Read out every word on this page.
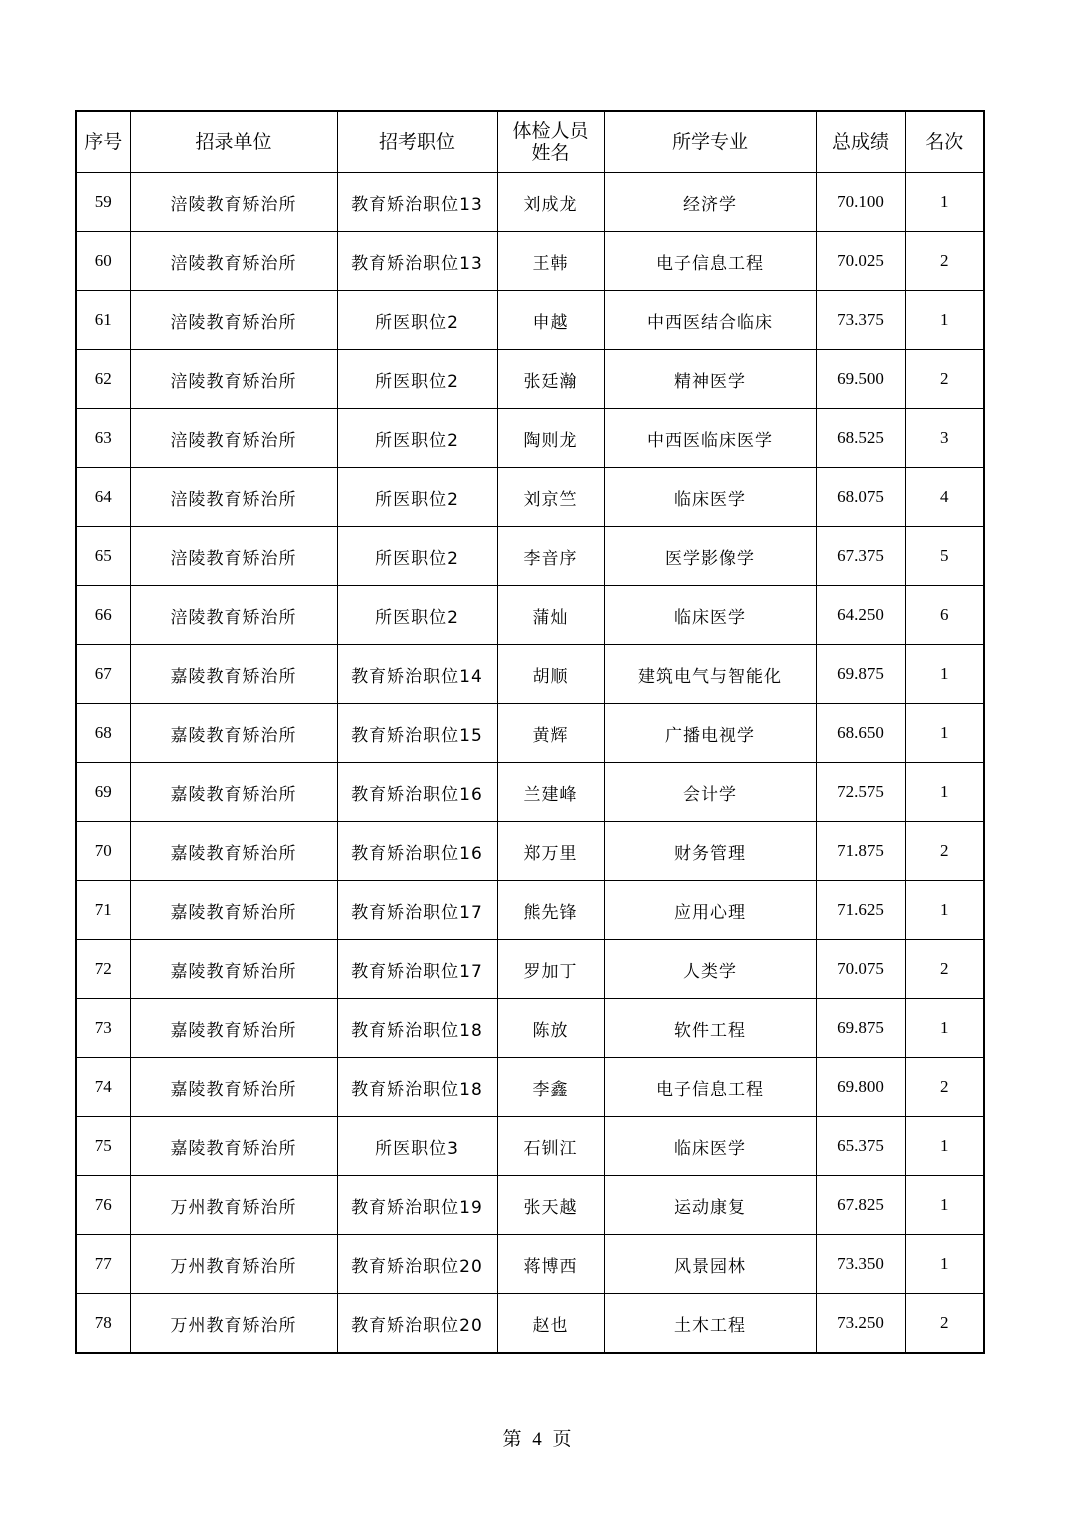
序号	招录单位	招考职位	体检人员姓名	所学专业	总成绩	名次
59	涪陵教育矫治所	教育矫治职位13	刘成龙	经济学	70.100	1
60	涪陵教育矫治所	教育矫治职位13	王韩	电子信息工程	70.025	2
61	涪陵教育矫治所	所医职位2	申越	中西医结合临床	73.375	1
62	涪陵教育矫治所	所医职位2	张廷瀚	精神医学	69.500	2
63	涪陵教育矫治所	所医职位2	陶则龙	中西医临床医学	68.525	3
64	涪陵教育矫治所	所医职位2	刘京竺	临床医学	68.075	4
65	涪陵教育矫治所	所医职位2	李音序	医学影像学	67.375	5
66	涪陵教育矫治所	所医职位2	蒲灿	临床医学	64.250	6
67	嘉陵教育矫治所	教育矫治职位14	胡顺	建筑电气与智能化	69.875	1
68	嘉陵教育矫治所	教育矫治职位15	黄辉	广播电视学	68.650	1
69	嘉陵教育矫治所	教育矫治职位16	兰建峰	会计学	72.575	1
70	嘉陵教育矫治所	教育矫治职位16	郑万里	财务管理	71.875	2
71	嘉陵教育矫治所	教育矫治职位17	熊先锋	应用心理	71.625	1
72	嘉陵教育矫治所	教育矫治职位17	罗加丁	人类学	70.075	2
73	嘉陵教育矫治所	教育矫治职位18	陈放	软件工程	69.875	1
74	嘉陵教育矫治所	教育矫治职位18	李鑫	电子信息工程	69.800	2
75	嘉陵教育矫治所	所医职位3	石钏江	临床医学	65.375	1
76	万州教育矫治所	教育矫治职位19	张天越	运动康复	67.825	1
77	万州教育矫治所	教育矫治职位20	蒋博西	风景园林	73.350	1
78	万州教育矫治所	教育矫治职位20	赵也	土木工程	73.250	2
第 4 页
